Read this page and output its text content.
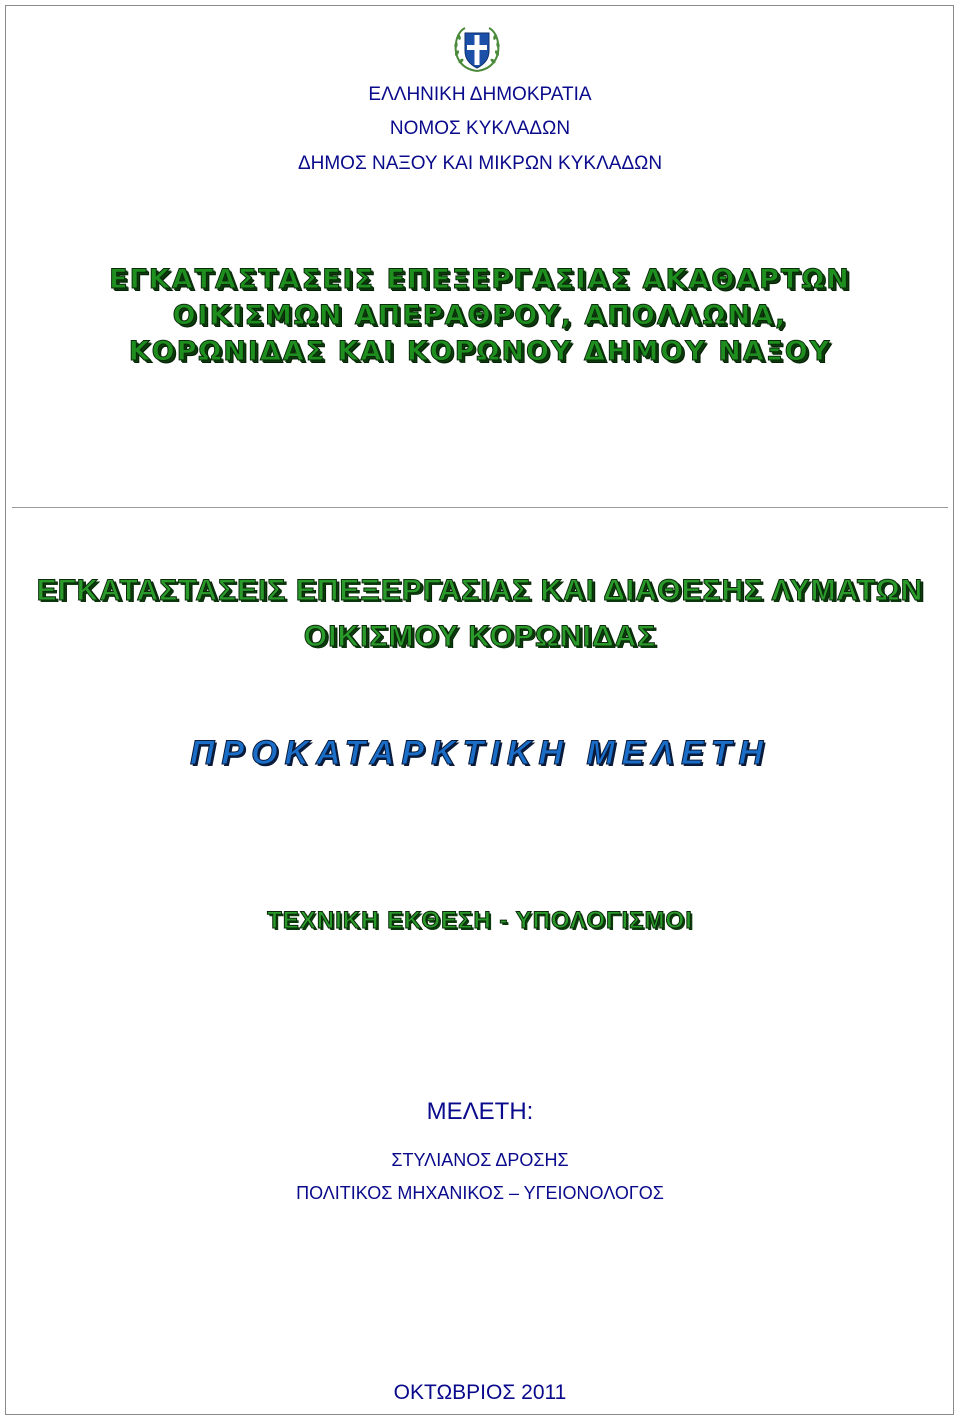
ΕΛΛΗΝΙΚΗ ΔΗΜΟΚΡΑΤΙΑ
ΝΟΜΟΣ ΚΥΚΛΑΔΩΝ
ΔΗΜΟΣ ΝΑΞΟΥ ΚΑΙ ΜΙΚΡΩΝ ΚΥΚΛΑΔΩΝ
ΕΓΚΑΤΑΣΤΑΣΕΙΣ ΕΠΕΞΕΡΓΑΣΙΑΣ ΑΚΑΘΑΡΤΩΝ
ΟΙΚΙΣΜΩΝ ΑΠΕΡΑΘΡΟΥ, ΑΠΟΛΛΩΝΑ,
ΚΟΡΩΝΙΔΑΣ ΚΑΙ ΚΟΡΩΝΟΥ ΔΗΜΟΥ ΝΑΞΟΥ
ΕΓΚΑΤΑΣΤΑΣΕΙΣ ΕΠΕΞΕΡΓΑΣΙΑΣ ΚΑΙ ΔΙΑΘΕΣΗΣ ΛΥΜΑΤΩΝ
ΟΙΚΙΣΜΟΥ ΚΟΡΩΝΙΔΑΣ
ΠΡΟΚΑΤΑΡΚΤΙΚΗ ΜΕΛΕΤΗ
ΤΕΧΝΙΚΗ ΕΚΘΕΣΗ - ΥΠΟΛΟΓΙΣΜΟΙ
ΜΕΛΕΤΗ:
ΣΤΥΛΙΑΝΟΣ ΔΡΟΣΗΣ
ΠΟΛΙΤΙΚΟΣ ΜΗΧΑΝΙΚΟΣ – ΥΓΕΙΟΝΟΛΟΓΟΣ
ΟΚΤΩΒΡΙΟΣ 2011
